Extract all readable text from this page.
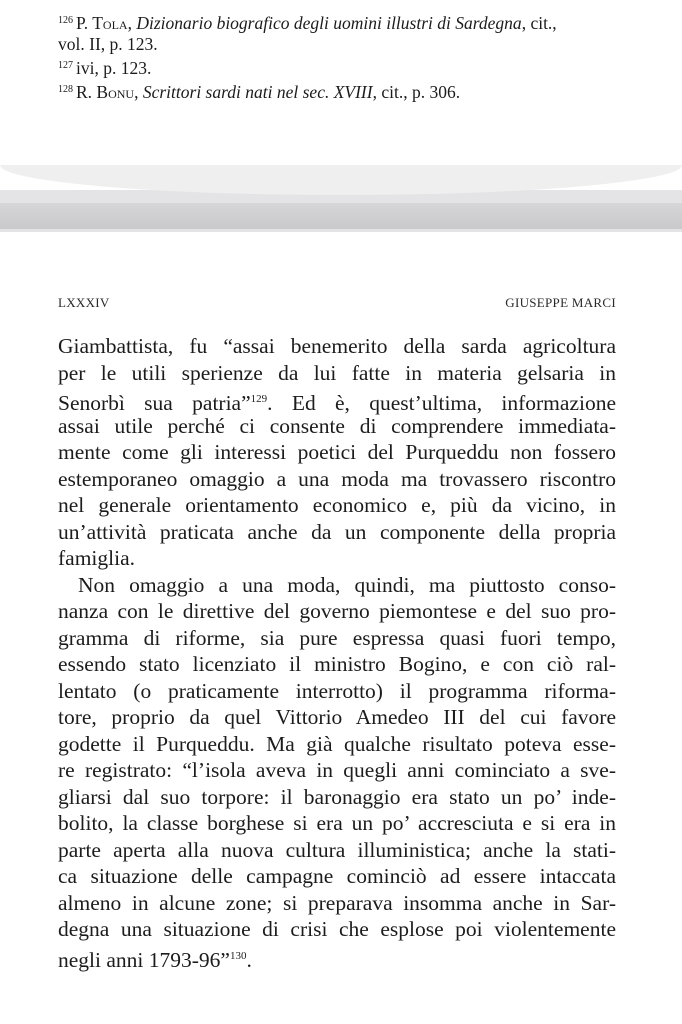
$^{126}$ P. Tola, Dizionario biografico degli uomini illustri di Sardegna, cit.,
vol. II, p. 123.
$^{127}$ ivi, p. 123.
$^{128}$ R. Bonu, Scrittori sardi nati nel sec. XVIII, cit., p. 306.
LXXXIV	GIUSEPPE MARCI
Giambattista, fu “assai benemerito della sarda agricoltura
per le utili sperienze da lui fatte in materia gelsaria in
Senorbì sua patria”$^{129}$. Ed è, quest’ultima, informazione
assai utile perché ci consente di comprendere immediata-
mente come gli interessi poetici del Purqueddu non fossero
estemporaneo omaggio a una moda ma trovassero riscontro
nel generale orientamento economico e, più da vicino, in
un’attività praticata anche da un componente della propria
famiglia.
Non omaggio a una moda, quindi, ma piuttosto conso-
nanza con le direttive del governo piemontese e del suo pro-
gramma di riforme, sia pure espressa quasi fuori tempo,
essendo stato licenziato il ministro Bogino, e con ciò ral-
lentato (o praticamente interrotto) il programma riforma-
tore, proprio da quel Vittorio Amedeo III del cui favore
godette il Purqueddu. Ma già qualche risultato poteva esse-
re registrato: “l’isola aveva in quegli anni cominciato a sve-
gliarsi dal suo torpore: il baronaggio era stato un po’ inde-
bolito, la classe borghese si era un po’ accresciuta e si era in
parte aperta alla nuova cultura illuministica; anche la stati-
ca situazione delle campagne cominciò ad essere intaccata
almeno in alcune zone; si preparava insomma anche in Sar-
degna una situazione di crisi che esplose poi violentemente
negli anni 1793-96”$^{130}$.
